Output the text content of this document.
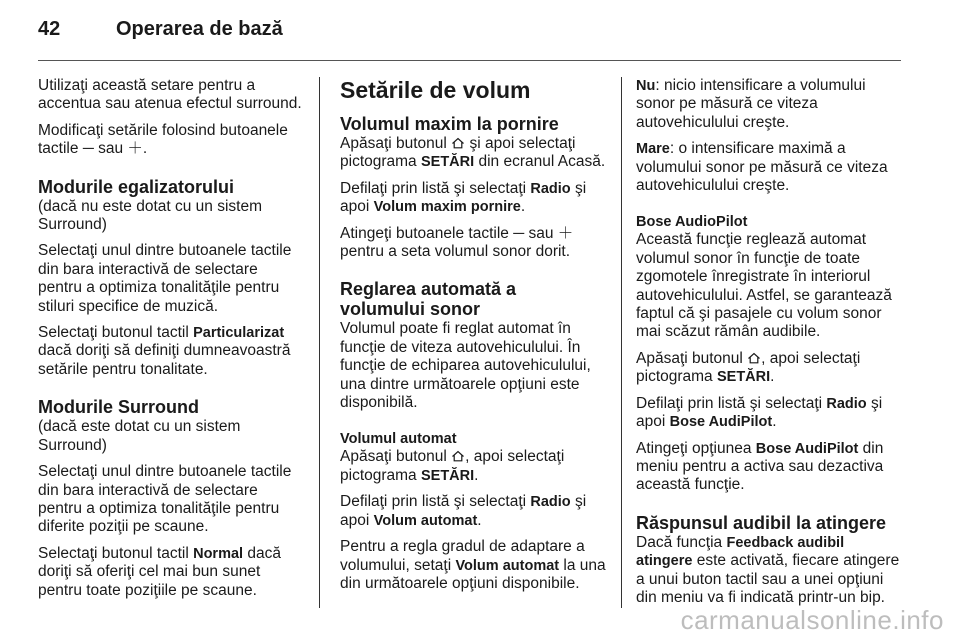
42	Operarea de bază

Utilizaţi această setare pentru a accentua sau atenua efectul surround.

Modificaţi setările folosind butoanele tactile ─ sau ＋.

Modurile egalizatorului

(dacă nu este dotat cu un sistem Surround)

Selectaţi unul dintre butoanele tactile din bara interactivă de selectare pentru a optimiza tonalităţile pentru stiluri specifice de muzică.

Selectaţi butonul tactil Particularizat dacă doriţi să definiţi dumneavoastră setările pentru tonalitate.

Modurile Surround

(dacă este dotat cu un sistem Surround)

Selectaţi unul dintre butoanele tactile din bara interactivă de selectare pentru a optimiza tonalităţile pentru diferite poziţii pe scaune.

Selectaţi butonul tactil Normal dacă doriţi să oferiţi cel mai bun sunet pentru toate poziţiile pe scaune.

Setările de volum
Volumul maxim la pornire

Apăsaţi butonul
şi apoi selectaţi pictograma SETĂRI din ecranul Acasă.

Defilaţi prin listă şi selectaţi Radio şi apoi Volum maxim pornire.

Atingeţi butoanele tactile ─ sau ＋ pentru a seta volumul sonor dorit.

Reglarea automată a volumului sonor

Volumul poate fi reglat automat în funcţie de viteza autovehiculului. În funcţie de echiparea autovehiculului, una dintre următoarele opţiuni este disponibilă.

Volumul automat

Apăsaţi butonul
, apoi selectaţi pictograma SETĂRI.

Defilaţi prin listă şi selectaţi Radio şi apoi Volum automat.

Pentru a regla gradul de adaptare a volumului, setaţi Volum automat la una din următoarele opţiuni disponibile.

Nu: nicio intensificare a volumului sonor pe măsură ce viteza autovehiculului creşte.

Mare: o intensificare maximă a volumului sonor pe măsură ce viteza autovehiculului creşte.

Bose AudioPilot

Această funcţie reglează automat volumul sonor în funcţie de toate zgomotele înregistrate în interiorul autovehiculului. Astfel, se garantează faptul că şi pasajele cu volum sonor mai scăzut rămân audibile.

Apăsaţi butonul
, apoi selectaţi pictograma SETĂRI.

Defilaţi prin listă şi selectaţi Radio şi apoi Bose AudiPilot.

Atingeţi opţiunea Bose AudiPilot din meniu pentru a activa sau dezactiva această funcţie.

Răspunsul audibil la atingere

Dacă funcţia Feedback audibil atingere este activată, fiecare atingere a unui buton tactil sau a unei opţiuni din meniu va fi indicată printr-un bip.

carmanualsonline.info
